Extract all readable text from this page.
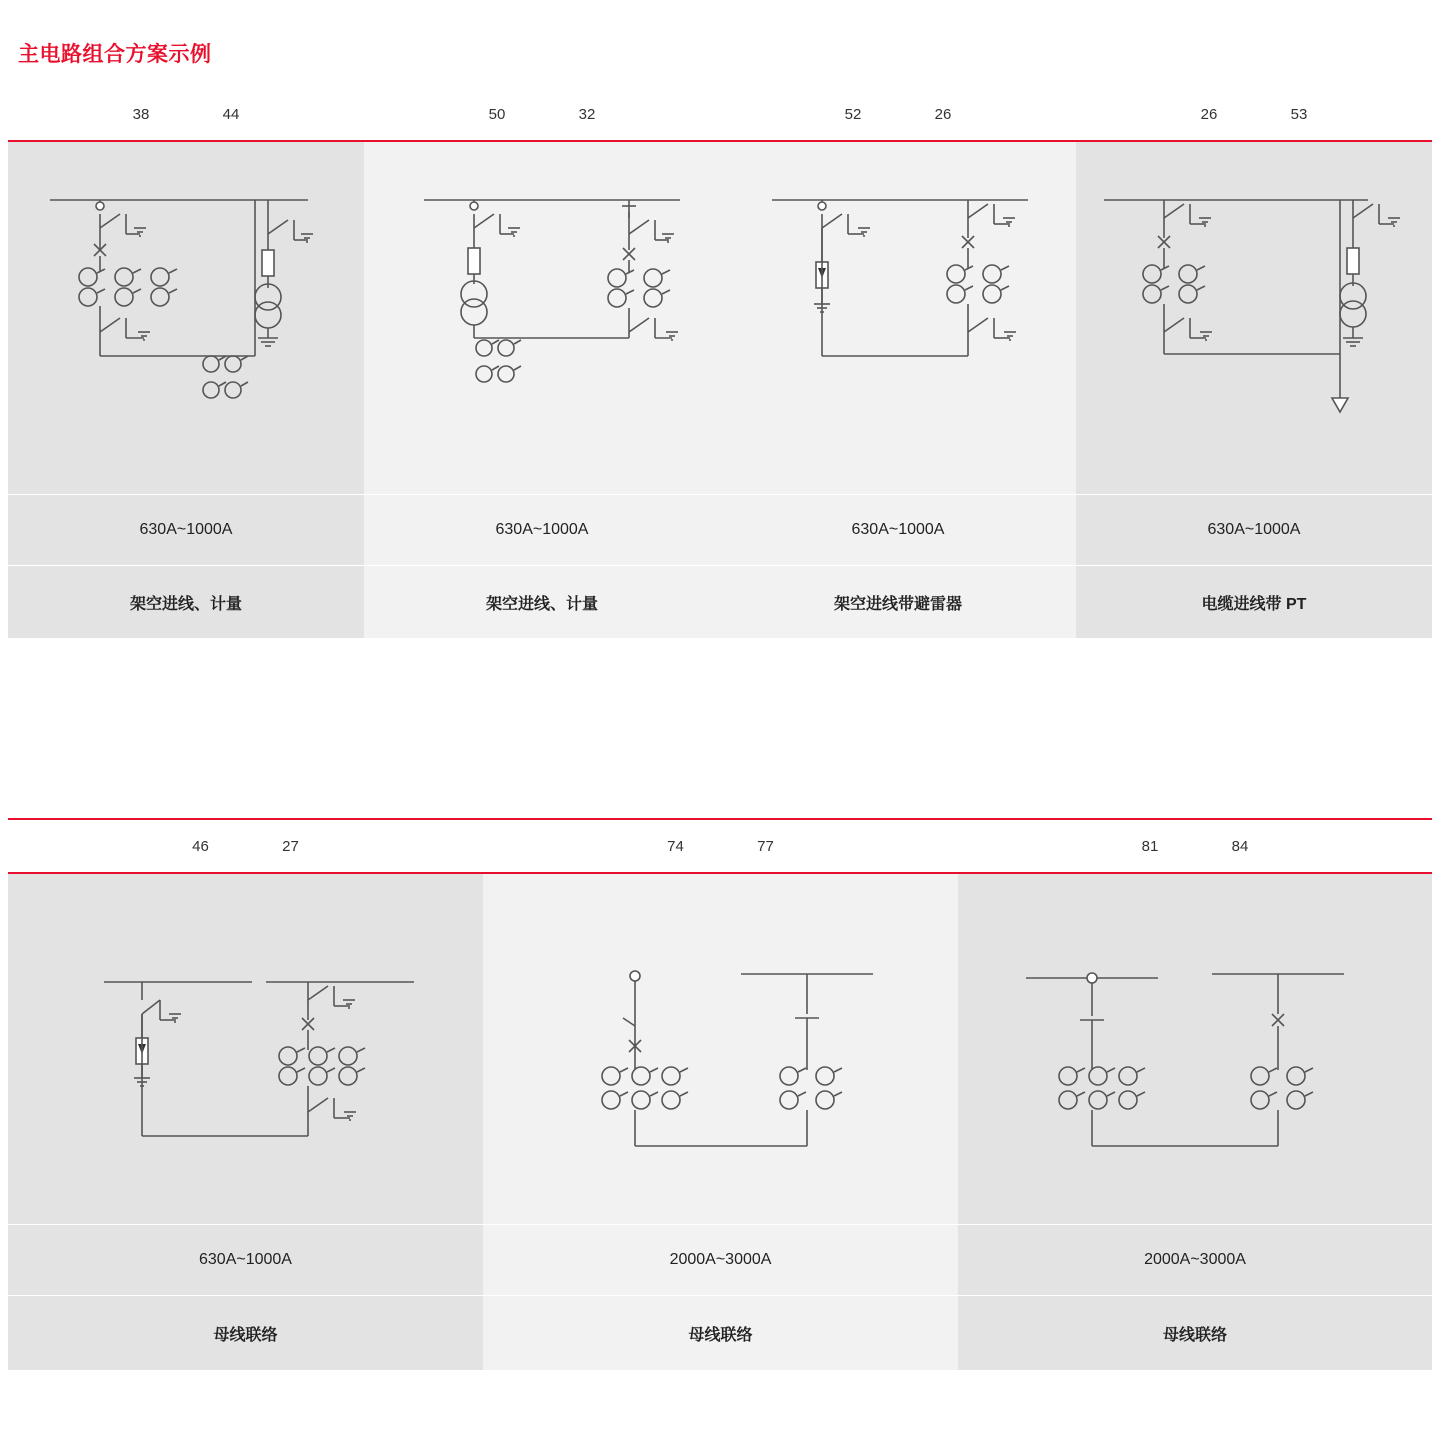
主电路组合方案示例
38	44	50	32	52	26	26	53
630A~1000A
架空进线、计量
630A~1000A
架空进线、计量
630A~1000A
架空进线带避雷器
630A~1000A
电缆进线带 PT
46	27	74	77	81	84
630A~1000A
母线联络
2000A~3000A
母线联络
2000A~3000A
母线联络
